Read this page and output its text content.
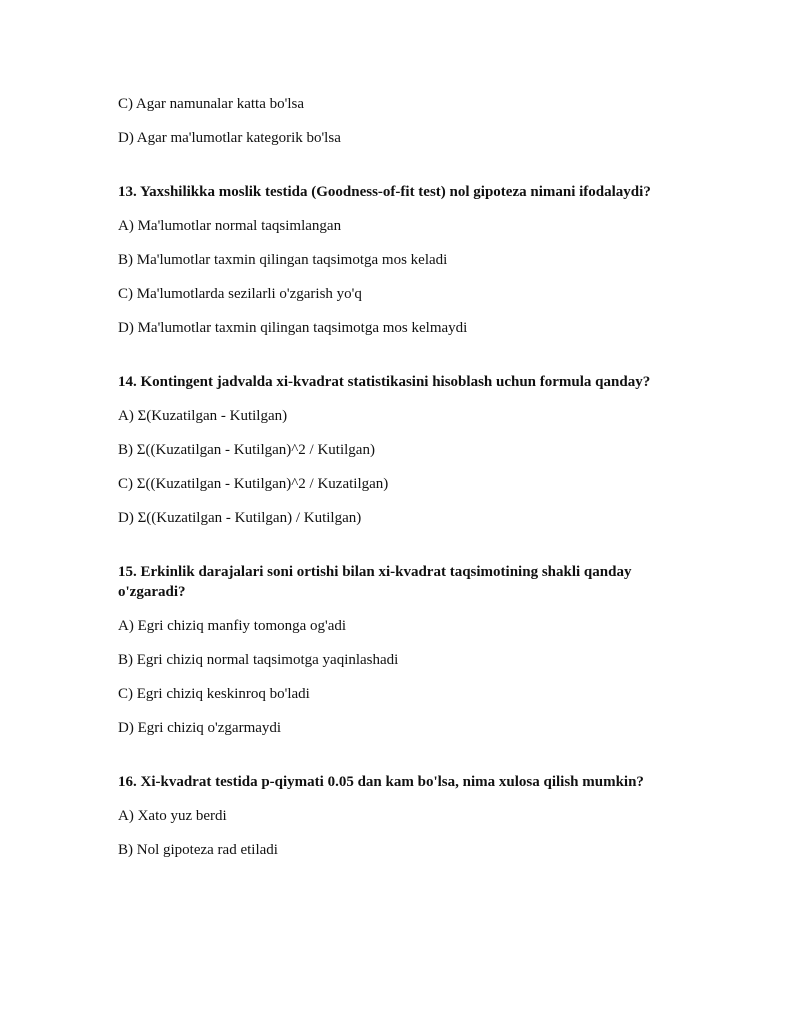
C) Agar namunalar katta bo'lsa
D) Agar ma'lumotlar kategorik bo'lsa
13. Yaxshilikka moslik testida (Goodness-of-fit test) nol gipoteza nimani ifodalaydi?
A) Ma'lumotlar normal taqsimlangan
B) Ma'lumotlar taxmin qilingan taqsimotga mos keladi
C) Ma'lumotlarda sezilarli o'zgarish yo'q
D) Ma'lumotlar taxmin qilingan taqsimotga mos kelmaydi
14. Kontingent jadvalda xi-kvadrat statistikasini hisoblash uchun formula qanday?
A) Σ(Kuzatilgan - Kutilgan)
B) Σ((Kuzatilgan - Kutilgan)^2 / Kutilgan)
C) Σ((Kuzatilgan - Kutilgan)^2 / Kuzatilgan)
D) Σ((Kuzatilgan - Kutilgan) / Kutilgan)
15. Erkinlik darajalari soni ortishi bilan xi-kvadrat taqsimotining shakli qanday o'zgaradi?
A) Egri chiziq manfiy tomonga og'adi
B) Egri chiziq normal taqsimotga yaqinlashadi
C) Egri chiziq keskinroq bo'ladi
D) Egri chiziq o'zgarmaydi
16. Xi-kvadrat testida p-qiymati 0.05 dan kam bo'lsa, nima xulosa qilish mumkin?
A) Xato yuz berdi
B) Nol gipoteza rad etiladi
